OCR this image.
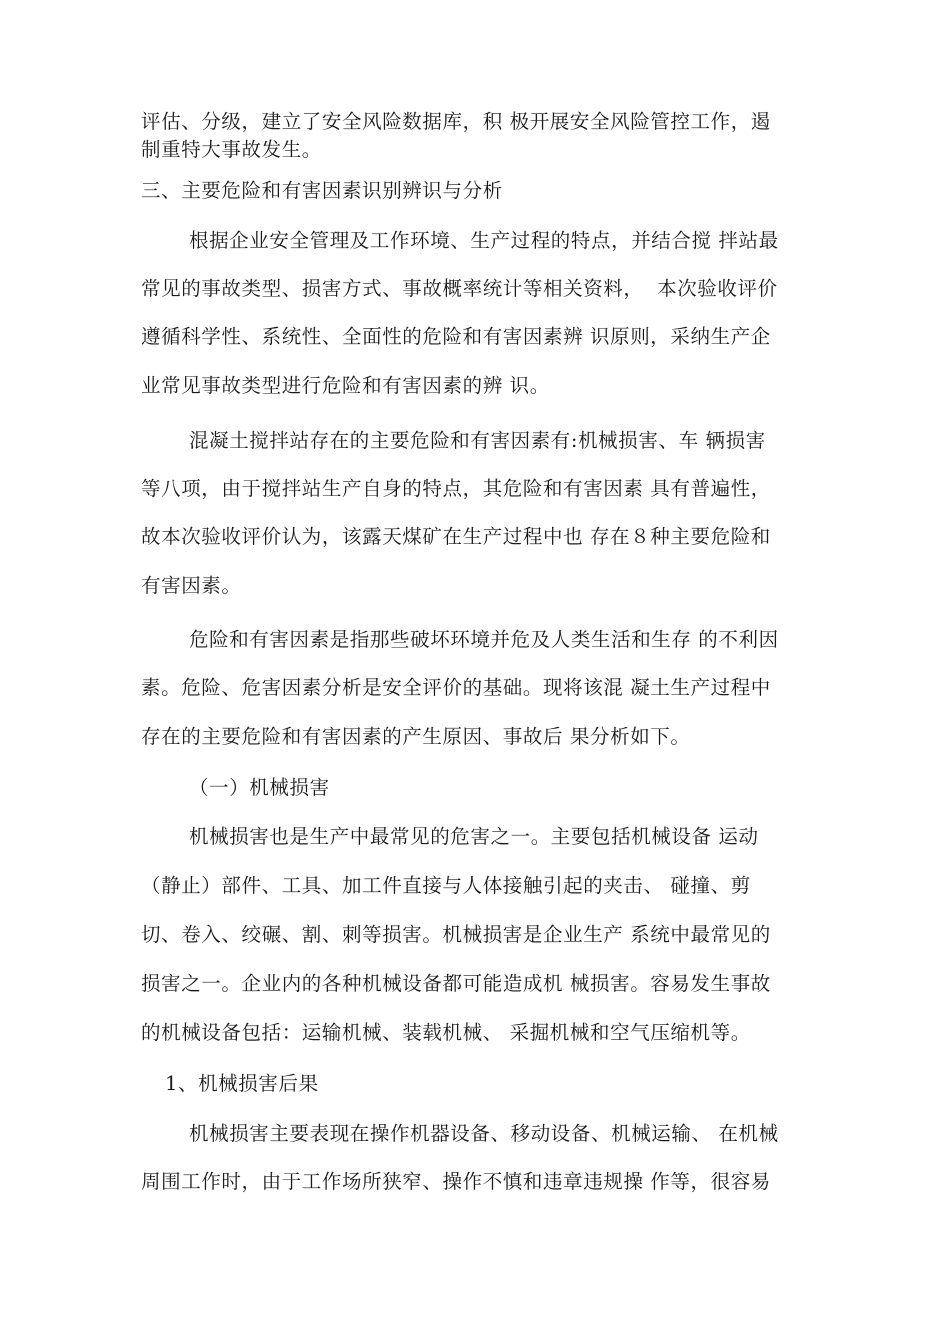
评估、分级，建立了安全风险数据库，积 极开展安全风险管控工作，遏
制重特大事故发生。
三、主要危险和有害因素识别辨识与分析
根据企业安全管理及工作环境、生产过程的特点，并结合搅 拌站最
常见的事故类型、损害方式、事故概率统计等相关资料，  本次验收评价
遵循科学性、系统性、全面性的危险和有害因素辨 识原则，采纳生产企
业常见事故类型进行危险和有害因素的辨 识。
混凝土搅拌站存在的主要危险和有害因素有:机械损害、车 辆损害
等八项，由于搅拌站生产自身的特点，其危险和有害因素 具有普遍性，
故本次验收评价认为，该露天煤矿在生产过程中也 存在８种主要危险和
有害因素。
危险和有害因素是指那些破坏环境并危及人类生活和生存 的不利因
素。危险、危害因素分析是安全评价的基础。现将该混 凝土生产过程中
存在的主要危险和有害因素的产生原因、事故后 果分析如下。
（一）机械损害
机械损害也是生产中最常见的危害之一。主要包括机械设备 运动
（静止）部件、工具、加工件直接与人体接触引起的夹击、 碰撞、剪
切、卷入、绞碾、割、刺等损害。机械损害是企业生产 系统中最常见的
损害之一。企业内的各种机械设备都可能造成机 械损害。容易发生事故
的机械设备包括：运输机械、装载机械、 采掘机械和空气压缩机等。
1、机械损害后果
机械损害主要表现在操作机器设备、移动设备、机械运输、 在机械
周围工作时，由于工作场所狭窄、操作不慎和违章违规操 作等，很容易
